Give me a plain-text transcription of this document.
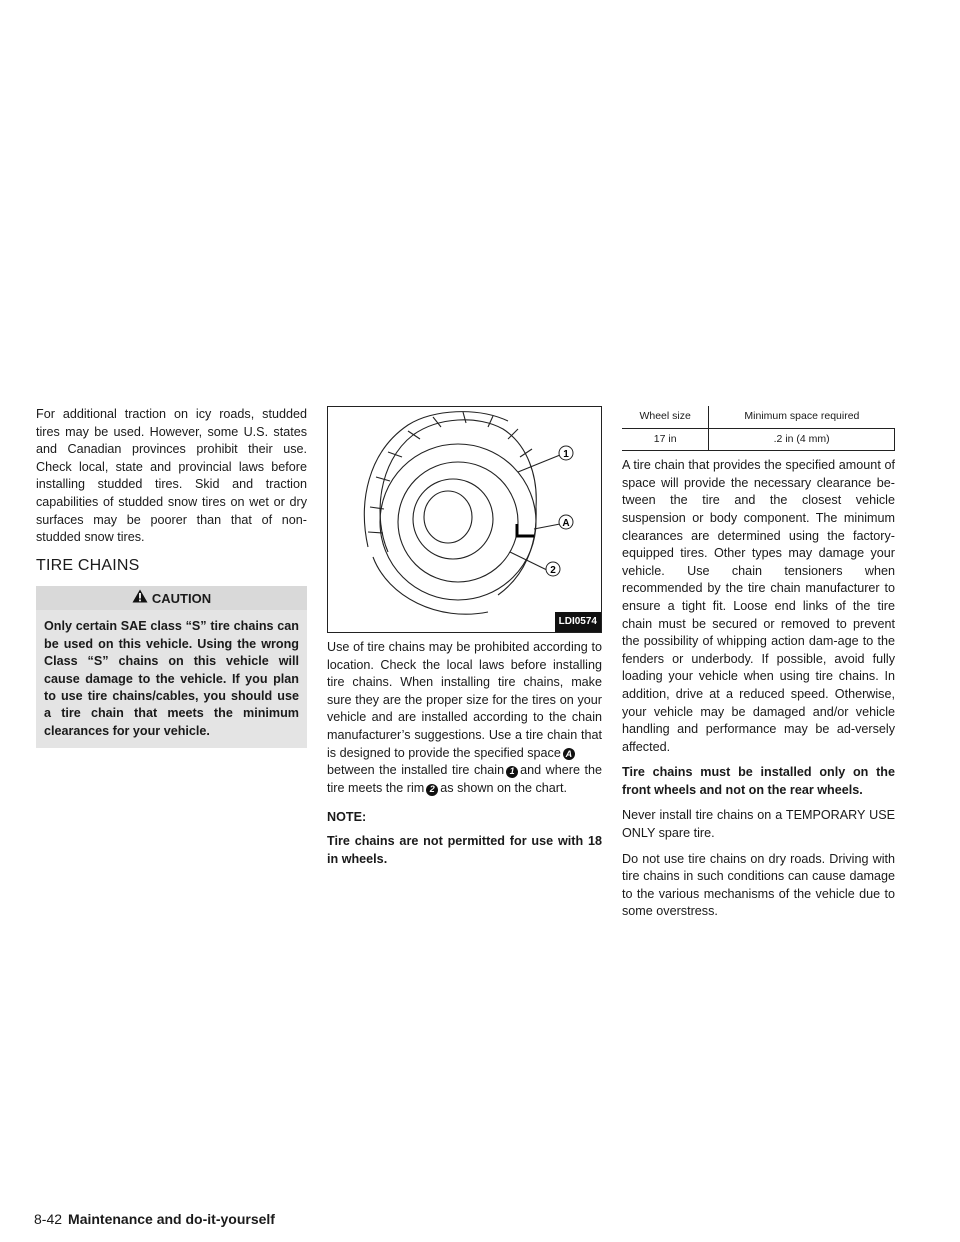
For additional traction on icy roads, studded tires may be used. However, some U.S. states and Canadian provinces prohibit their use. Check local, state and provincial laws before installing studded tires. Skid and traction capabilities of studded snow tires on wet or dry surfaces may be poorer than that of non-studded snow tires.

TIRE CHAINS
CAUTION
Only certain SAE class “S” tire chains can be used on this vehicle. Using the wrong Class “S” chains on this vehicle will cause damage to the vehicle. If you plan to use tire chains/cables, you should use a tire chain that meets the minimum clearances for your vehicle.
1
A
2
LDI0574

Use of tire chains may be prohibited according to location. Check the local laws before installing tire chains. When installing tire chains, make sure they are the proper size for the tires on your vehicle and are installed according to the chain manufacturer’s suggestions. Use a tire chain that is designed to provide the specified space A
between the installed tire chain 1 and where the tire meets the rim 2 as shown on the chart.

NOTE:

Tire chains are not permitted for use with 18 in wheels.

Wheel size	Minimum space required
17 in	.2 in (4 mm)

A tire chain that provides the specified amount of space will provide the necessary clearance be-tween the tire and the closest vehicle suspension or body component. The minimum clearances are determined using the factory-equipped tires. Other types may damage your vehicle. Use chain tensioners when recommended by the tire chain manufacturer to ensure a tight fit. Loose end links of the tire chain must be secured or removed to prevent the possibility of whipping action dam-age to the fenders or underbody. If possible, avoid fully loading your vehicle when using tire chains. In addition, drive at a reduced speed. Otherwise, your vehicle may be damaged and/or vehicle handling and performance may be ad-versely affected.

Tire chains must be installed only on the front wheels and not on the rear wheels.

Never install tire chains on a TEMPORARY USE ONLY spare tire.

Do not use tire chains on dry roads. Driving with tire chains in such conditions can cause damage to the various mechanisms of the vehicle due to some overstress.

8-42 Maintenance and do-it-yourself
